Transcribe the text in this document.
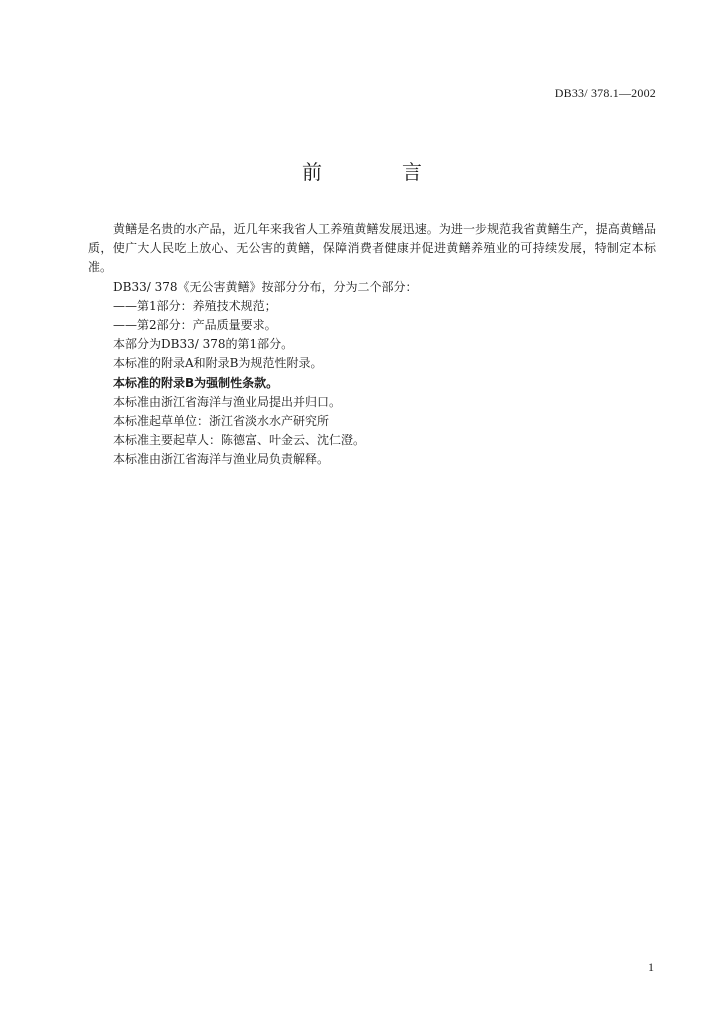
DB33/ 378.1—2002
前　言

黄鳝是名贵的水产品，近几年来我省人工养殖黄鳝发展迅速。为进一步规范我省黄鳝生产，提高黄鳝品质，使广大人民吃上放心、无公害的黄鳝，保障消费者健康并促进黄鳝养殖业的可持续发展，特制定本标准。

DB33/ 378《无公害黄鳝》按部分分布，分为二个部分：

——第1部分：养殖技术规范；

——第2部分：产品质量要求。

本部分为DB33/ 378的第1部分。

本标准的附录A和附录B为规范性附录。

本标准的附录B为强制性条款。

本标准由浙江省海洋与渔业局提出并归口。

本标准起草单位：浙江省淡水水产研究所

本标准主要起草人：陈德富、叶金云、沈仁澄。

本标准由浙江省海洋与渔业局负责解释。

1
